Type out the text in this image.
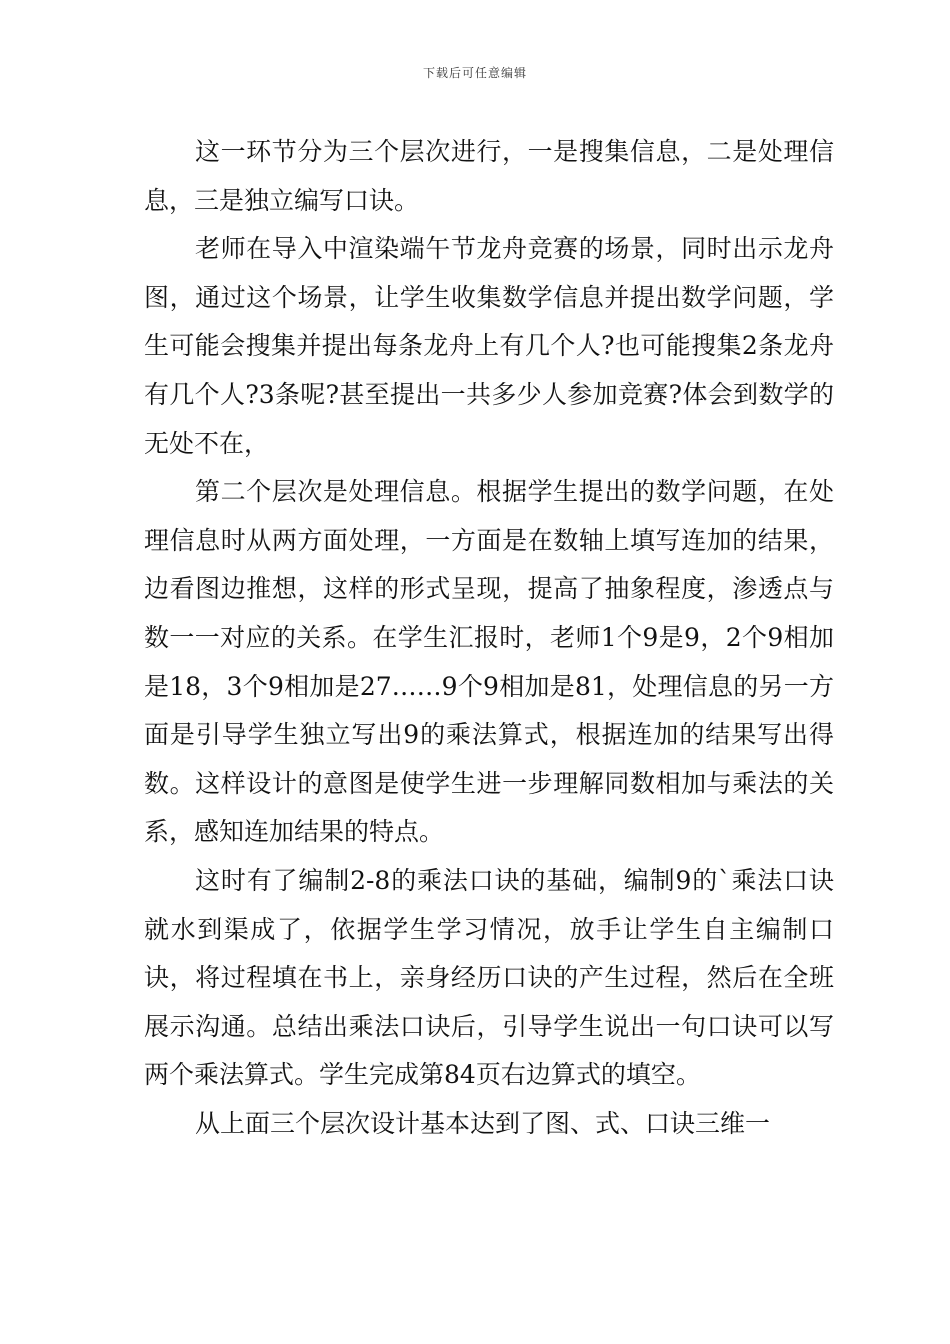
下载后可任意编辑

这一环节分为三个层次进行，一是搜集信息，二是处理信息，三是独立编写口诀。

老师在导入中渲染端午节龙舟竞赛的场景，同时出示龙舟图，通过这个场景，让学生收集数学信息并提出数学问题，学生可能会搜集并提出每条龙舟上有几个人?也可能搜集2条龙舟有几个人?3条呢?甚至提出一共多少人参加竞赛?体会到数学的无处不在，

第二个层次是处理信息。根据学生提出的数学问题，在处理信息时从两方面处理，一方面是在数轴上填写连加的结果，边看图边推想，这样的形式呈现，提高了抽象程度，渗透点与数一一对应的关系。在学生汇报时，老师1个9是9，2个9相加是18，3个9相加是27……9个9相加是81，处理信息的另一方面是引导学生独立写出9的乘法算式，根据连加的结果写出得数。这样设计的意图是使学生进一步理解同数相加与乘法的关系，感知连加结果的特点。

这时有了编制2-8的乘法口诀的基础，编制9的`乘法口诀就水到渠成了，依据学生学习情况，放手让学生自主编制口诀，将过程填在书上，亲身经历口诀的产生过程，然后在全班展示沟通。总结出乘法口诀后，引导学生说出一句口诀可以写两个乘法算式。学生完成第84页右边算式的填空。

从上面三个层次设计基本达到了图、式、口诀三维一
